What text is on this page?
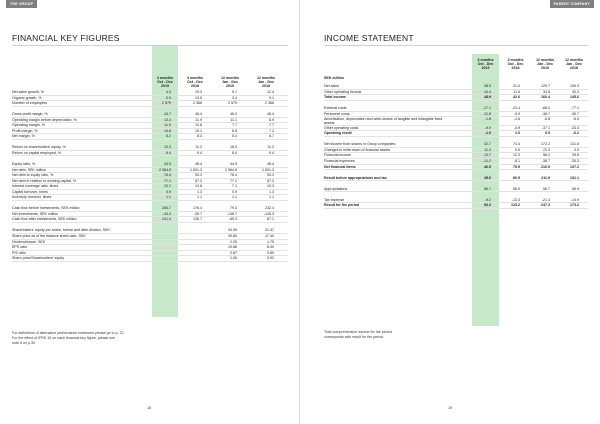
THE GROUP
FINANCIAL KEY FIGURES
3 months
Oct - Dec
2019
3 months
Oct - Dec
2018
12 months
Jan - Dec
2019
12 months
Jan - Dec
2018
Net sales growth, %	4.3	19.3	5.7	12.4
Organic growth, %	0.9	13.8	3.4	9.1
Number of employees	2 579	2 366	2 579	2 366
Gross profit margin, %	44.7	46.4	46.3	46.4
Operating margin before depreciation, %	13.3	11.9	11.1	8.9
Operating margin, %	11.9	10.8	7.7	7.7
Profit margin, %	10.8	10.1	6.8	7.2
Net margin, %	8.2	8.3	5.4	5.7
Return on shareholders' equity, %	10.3	11.2	18.3	11.2
Return on capital employed, %	8.4	9.4	8.4	9.4
Equity ratio, %	44.9	48.4	44.9	48.4
Net debt, SEK million	2 964.8	1 831.3	2 964.8	1 831.3
Net debt to equity ratio, %	78.4	53.3	78.4	53.3
Net debt in relation to working capital, %	77.1	67.3	77.1	67.3
Interest coverage ratio, times	10.1	14.8	7.1	10.3
Capital turnover, times	0.9	1.3	0.9	1.3
Inventory turnover, times	1.1	1.1	1.1	1.1
Cash flow before investments, SEK million	284.7	176.4	79.3	232.4
Net investments, SEK million	-43.3	-39.7	-148.7	-145.3
Cash flow after investments, SEK million	241.4	136.7	-69.3	87.1
Shareholders' equity per share, before and after dilution, SEK	34.59	31.47
Share price as of the balance sheet date, SEK	39.80	47.40
Dividend/share, SEK	2.25	1.75
EPS ratio	10.66	8.40
P/S ratio	0.87	0.89
Share price/Shareholders' equity	1.06	0.92
For definitions of alternative performance measures please go to p. 22
For the effect of IFRS 16 on each financial key figure, please see
note 8 on p.39
18
PARENT COMPANY
INCOME STATEMENT
3 months
Oct - Dec
2019
3 months
Oct - Dec
2018
12 months
Jan - Dec
2019
12 months
Jan - Dec
2018
SEK million
Net sales	38.5	31.0	125.7	105.3
Other operating income	10.4	11.6	34.8	40.3
Total income	48.9	42.6	160.4	145.6
External costs	-17.1	-24.4	-68.0	-77.1
Personnel costs	-11.8	-9.9	-38.7	-36.7
Amortisation, depreciation and write-downs of tangible and intangible fixed assets
-1.8	-1.6	-5.8	-6.3
Other operating costs	-9.9	-4.9	-37.1	-33.4
Operating result	-1.0	1.0	0.9	-6.2
Net income from shares in Group companies	32.7	74.4	172.2	131.6
Changes in write-down of financial assets	11.3	0.9	21.3	0.9
Financial income	13.7	12.3	56.2	39.6
Financial expenses	-11.2	-8.1	-38.7	-35.3
Net financial items	46.5	79.5	210.9	137.2
Result before appropriations and tax	45.6	80.5	211.9	131.1
Appropriations	56.7	56.9	56.7	56.9
Tax expense	-9.2	-13.3	-21.3	-14.9
Result for the period	93.3	123.2	247.3	173.2
Total comprehensive income for the period
corresponds with result for the period.
19
